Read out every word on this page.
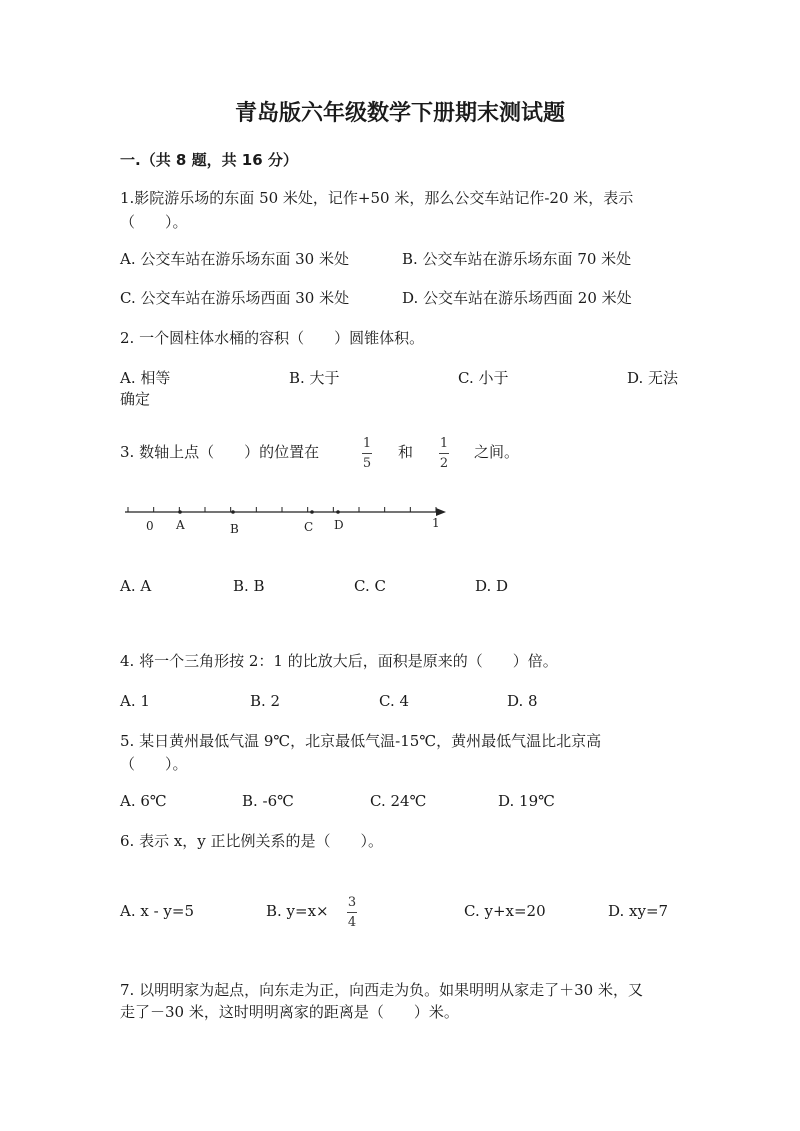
青岛版六年级数学下册期末测试题
一.（共 8 题，共 16 分）
1.影院游乐场的东面 50 米处，记作+50 米，那么公交车站记作-20 米，表示
（　　）。
A. 公交车站在游乐场东面 30 米处	B. 公交车站在游乐场东面 70 米处
C. 公交车站在游乐场西面 30 米处	D. 公交车站在游乐场西面 20 米处
2. 一个圆柱体水桶的容积（　　）圆锥体积。
A. 相等	B. 大于	C. 小于	D. 无法
确定
3. 数轴上点（　　）的位置在	1
5
和 1
2
之间。
0	1
A	B	C D
A. A	B. B	C. C	D. D
4. 将一个三角形按 2：1 的比放大后，面积是原来的（　　）倍。
A. 1	B. 2	C. 4	D. 8
5. 某日黄州最低气温 9℃，北京最低气温-15℃，黄州最低气温比北京高
（　　）。
A. 6℃	B. -6℃	C. 24℃	D. 19℃
6. 表示 x，y 正比例关系的是（　　）。
A. x - y=5	B. y=x× 3
4
C. y+x=20	D. xy=7
7. 以明明家为起点，向东走为正，向西走为负。如果明明从家走了＋30 米，又
走了－30 米，这时明明离家的距离是（　　）米。
